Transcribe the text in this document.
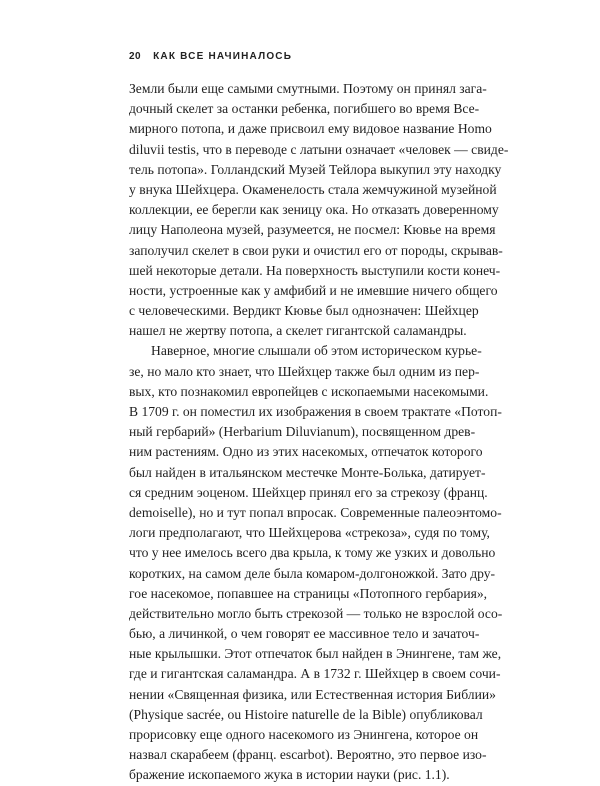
20 КАК ВСЕ НАЧИНАЛОСЬ
Земли были еще самыми смутными. Поэтому он принял зага-
дочный скелет за останки ребенка, погибшего во время Все-
мирного потопа, и даже присвоил ему видовое название Homo
diluvii testis, что в переводе с латыни означает «человек — свиде-
тель потопа». Голландский Музей Тейлора выкупил эту находку
у внука Шейхцера. Окаменелость стала жемчужиной музейной
коллекции, ее берегли как зеницу ока. Но отказать доверенному
лицу Наполеона музей, разумеется, не посмел: Кювье на время
заполучил скелет в свои руки и очистил его от породы, скрывав-
шей некоторые детали. На поверхность выступили кости конеч-
ности, устроенные как у амфибий и не имевшие ничего общего
с человеческими. Вердикт Кювье был однозначен: Шейхцер
нашел не жертву потопа, а скелет гигантской саламандры.
Наверное, многие слышали об этом историческом курье-
зе, но мало кто знает, что Шейхцер также был одним из пер-
вых, кто познакомил европейцев с ископаемыми насекомыми.
В 1709 г. он поместил их изображения в своем трактате «Потоп-
ный гербарий» (Herbarium Diluvianum), посвященном древ-
ним растениям. Одно из этих насекомых, отпечаток которого
был найден в итальянском местечке Монте-Болька, датирует-
ся средним эоценом. Шейхцер принял его за стрекозу (франц.
demoiselle), но и тут попал впросак. Современные палеоэнтомо-
логи предполагают, что Шейхцерова «стрекоза», судя по тому,
что у нее имелось всего два крыла, к тому же узких и довольно
коротких, на самом деле была комаром-долгоножкой. Зато дру-
гое насекомое, попавшее на страницы «Потопного гербария»,
действительно могло быть стрекозой — только не взрослой осо-
бью, а личинкой, о чем говорят ее массивное тело и зачаточ-
ные крылышки. Этот отпечаток был найден в Энингене, там же,
где и гигантская саламандра. А в 1732 г. Шейхцер в своем сочи-
нении «Священная физика, или Естественная история Библии»
(Physique sacrée, ou Histoire naturelle de la Bible) опубликовал
прорисовку еще одного насекомого из Энингена, которое он
назвал скарабеем (франц. escarbot). Вероятно, это первое изо-
бражение ископаемого жука в истории науки (рис. 1.1).
